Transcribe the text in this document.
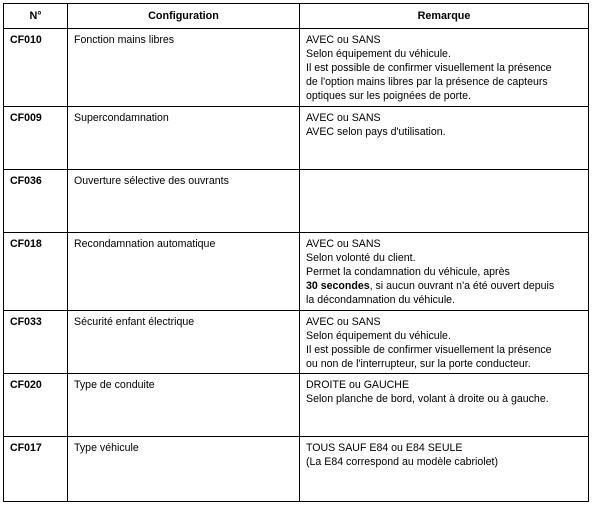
N°	Configuration	Remarque
CF010	Fonction mains libres	AVEC ou SANS
Selon équipement du véhicule.
Il est possible de confirmer visuellement la présence
de l'option mains libres par la présence de capteurs
optiques sur les poignées de porte.

CF009	Supercondamnation	AVEC ou SANS
AVEC selon pays d'utilisation.

CF036	Ouverture sélective des ouvrants	
CF018	Recondamnation automatique	AVEC ou SANS
Selon volonté du client.
Permet la condamnation du véhicule, après
30 secondes, si aucun ouvrant n'a été ouvert depuis
la décondamnation du véhicule.

CF033	Sécurité enfant électrique	AVEC ou SANS
Selon équipement du véhicule.
Il est possible de confirmer visuellement la présence
ou non de l'interrupteur, sur la porte conducteur.

CF020	Type de conduite	DROITE ou GAUCHE
Selon planche de bord, volant à droite ou à gauche.

CF017	Type véhicule	TOUS SAUF E84 ou E84 SEULE
(La E84 correspond au modèle cabriolet)
